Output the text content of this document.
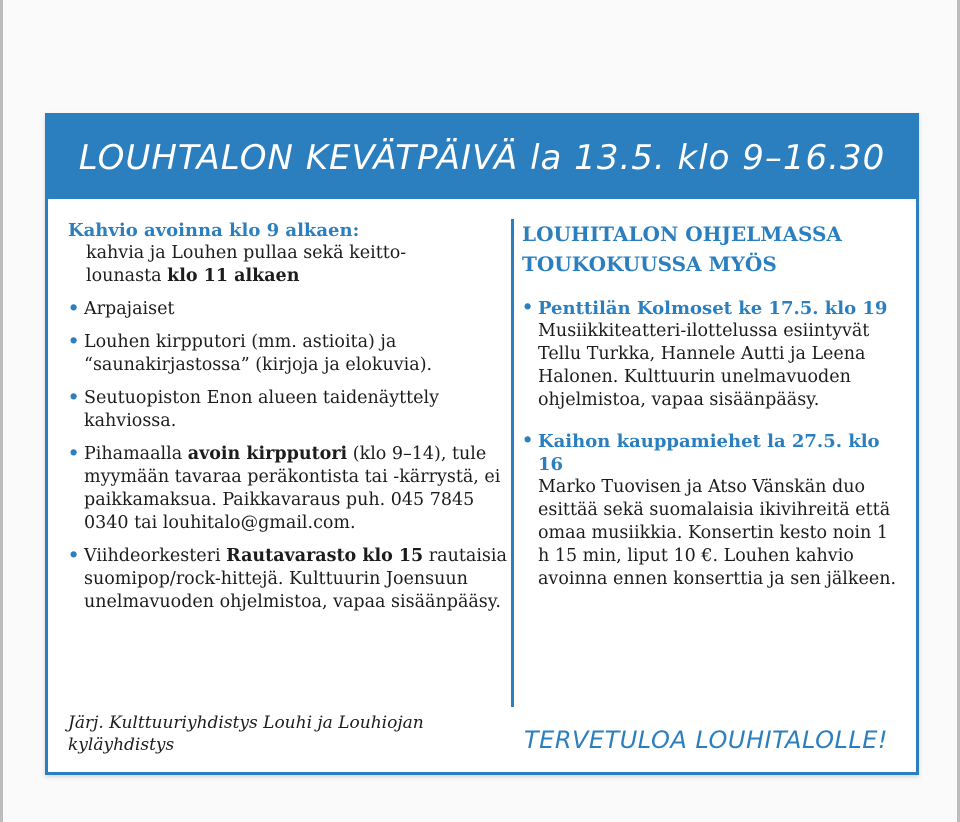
LOUHTALON KEVÄTPÄIVÄ la 13.5. klo 9–16.30
Kahvio avoinna klo 9 alkaen:
kahvia ja Louhen pullaa sekä keitto-
lounasta klo 11 alkaen
• Arpajaiset
• Louhen kirpputori (mm. astioita) ja “saunakirjastossa” (kirjoja ja elokuvia).
• Seutuopiston Enon alueen taidenäyttely kahviossa.
• Pihamaalla avoin kirpputori (klo 9–14), tule myymään tavaraa peräkontista tai -kärrystä, ei paikkamaksua. Paikkavaraus puh. 045 7845 0340 tai louhitalo@gmail.com.
• Viihdeorkesteri Rautavarasto klo 15 rautaisia suomipop/rock-hittejä. Kulttuurin Joensuun unelmavuoden ohjelmistoa, vapaa sisäänpääsy.
LOUHITALON OHJELMASSA
TOUKOKUUSSA MYÖS
• Penttilän Kolmoset ke 17.5. klo 19
Musiikkiteatteri-ilottelussa esiintyvät Tellu Turkka, Hannele Autti ja Leena Halonen. Kulttuurin unelmavuoden ohjelmistoa, vapaa sisäänpääsy.
• Kaihon kauppamiehet la 27.5. klo 16
Marko Tuovisen ja Atso Vänskän duo esittää sekä suomalaisia ikivihreitä että omaa musiikkia. Konsertin kesto noin 1 h 15 min, liput 10 €. Louhen kahvio avoinna ennen konserttia ja sen jälkeen.
Järj. Kulttuuriyhdistys Louhi ja Louhiojan kyläyhdistys	TERVETULOA LOUHITALOLLE!
